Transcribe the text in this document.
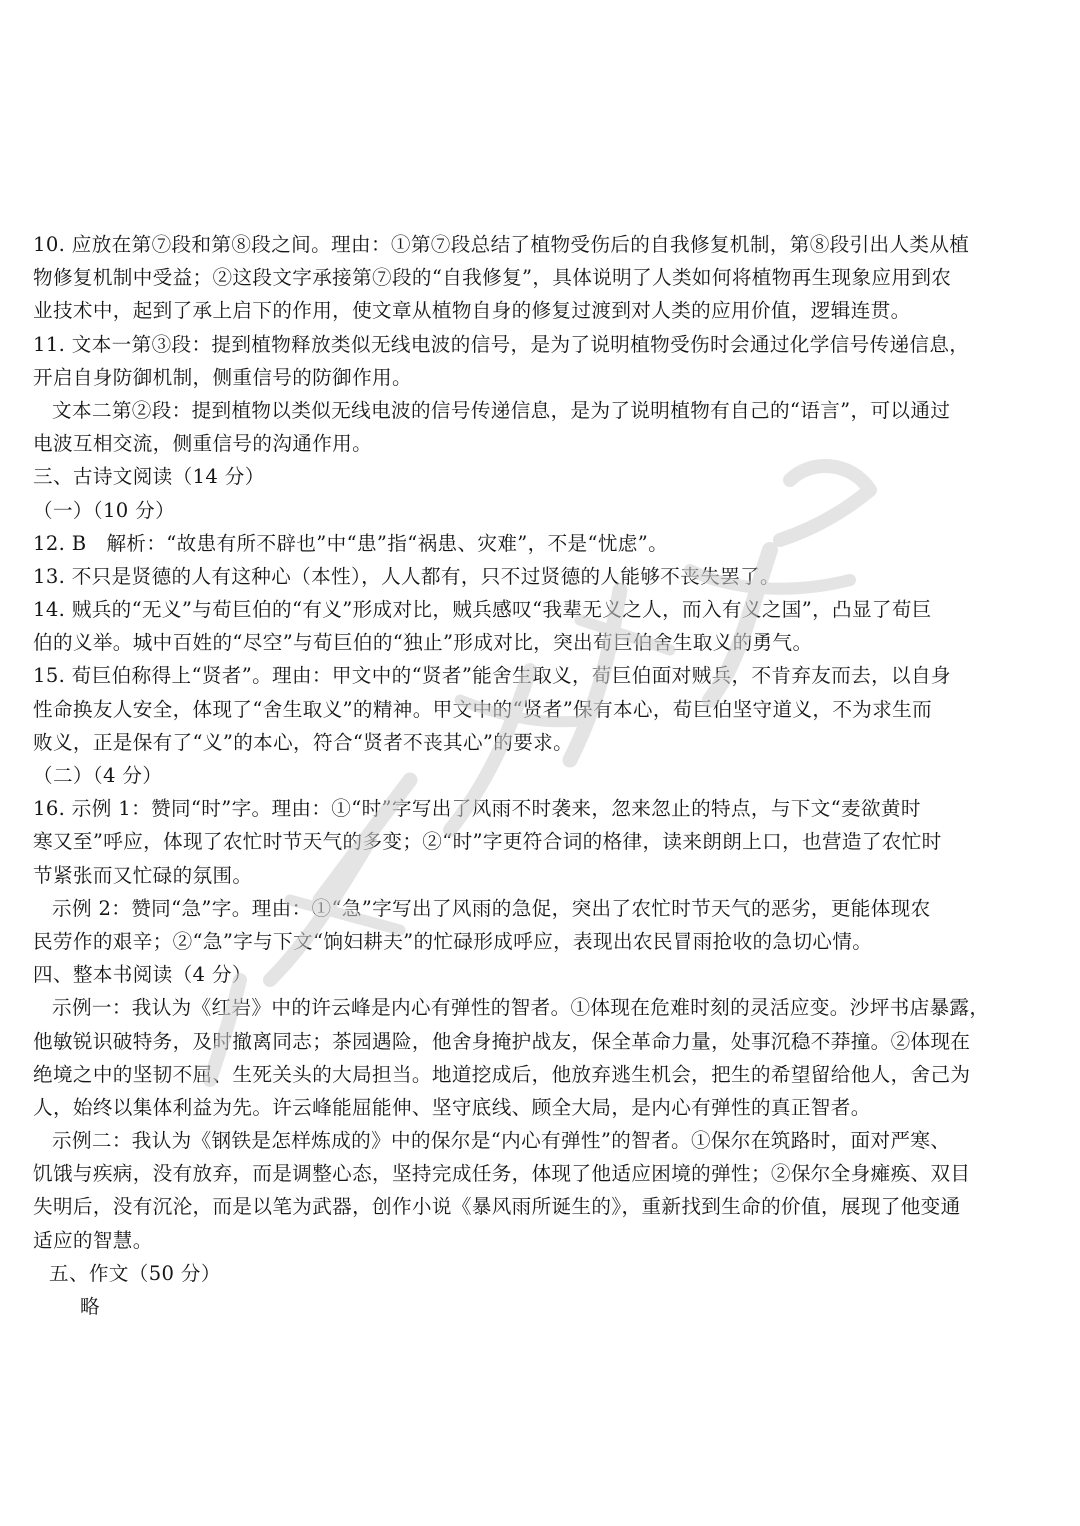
10. 应放在第⑦段和第⑧段之间。理由：①第⑦段总结了植物受伤后的自我修复机制，第⑧段引出人类从植
物修复机制中受益；②这段文字承接第⑦段的“自我修复”，具体说明了人类如何将植物再生现象应用到农
业技术中，起到了承上启下的作用，使文章从植物自身的修复过渡到对人类的应用价值，逻辑连贯。
11. 文本一第③段：提到植物释放类似无线电波的信号，是为了说明植物受伤时会通过化学信号传递信息，
开启自身防御机制，侧重信号的防御作用。
文本二第②段：提到植物以类似无线电波的信号传递信息，是为了说明植物有自己的“语言”，可以通过
电波互相交流，侧重信号的沟通作用。
三、古诗文阅读（14 分）
（一）（10 分）
12. B　解析：“故患有所不辟也”中“患”指“祸患、灾难”，不是“忧虑”。
13. 不只是贤德的人有这种心（本性），人人都有，只不过贤德的人能够不丧失罢了。
14. 贼兵的“无义”与荀巨伯的“有义”形成对比，贼兵感叹“我辈无义之人，而入有义之国”，凸显了荀巨
伯的义举。城中百姓的“尽空”与荀巨伯的“独止”形成对比，突出荀巨伯舍生取义的勇气。
15. 荀巨伯称得上“贤者”。理由：甲文中的“贤者”能舍生取义，荀巨伯面对贼兵，不肯弃友而去，以自身
性命换友人安全，体现了“舍生取义”的精神。甲文中的“贤者”保有本心，荀巨伯坚守道义，不为求生而
败义，正是保有了“义”的本心，符合“贤者不丧其心”的要求。
（二）（4 分）
16. 示例 1：赞同“时”字。理由：①“时”字写出了风雨不时袭来，忽来忽止的特点，与下文“麦欲黄时
寒又至”呼应，体现了农忙时节天气的多变；②“时”字更符合词的格律，读来朗朗上口，也营造了农忙时
节紧张而又忙碌的氛围。
示例 2：赞同“急”字。理由：①“急”字写出了风雨的急促，突出了农忙时节天气的恶劣，更能体现农
民劳作的艰辛；②“急”字与下文“饷妇耕夫”的忙碌形成呼应，表现出农民冒雨抢收的急切心情。
四、整本书阅读（4 分）
示例一：我认为《红岩》中的许云峰是内心有弹性的智者。①体现在危难时刻的灵活应变。沙坪书店暴露，
他敏锐识破特务，及时撤离同志；茶园遇险，他舍身掩护战友，保全革命力量，处事沉稳不莽撞。②体现在
绝境之中的坚韧不屈、生死关头的大局担当。地道挖成后，他放弃逃生机会，把生的希望留给他人，舍己为
人，始终以集体利益为先。许云峰能屈能伸、坚守底线、顾全大局，是内心有弹性的真正智者。
示例二：我认为《钢铁是怎样炼成的》中的保尔是“内心有弹性”的智者。①保尔在筑路时，面对严寒、
饥饿与疾病，没有放弃，而是调整心态，坚持完成任务，体现了他适应困境的弹性；②保尔全身瘫痪、双目
失明后，没有沉沦，而是以笔为武器，创作小说《暴风雨所诞生的》，重新找到生命的价值，展现了他变通
适应的智慧。
五、作文（50 分）
略
